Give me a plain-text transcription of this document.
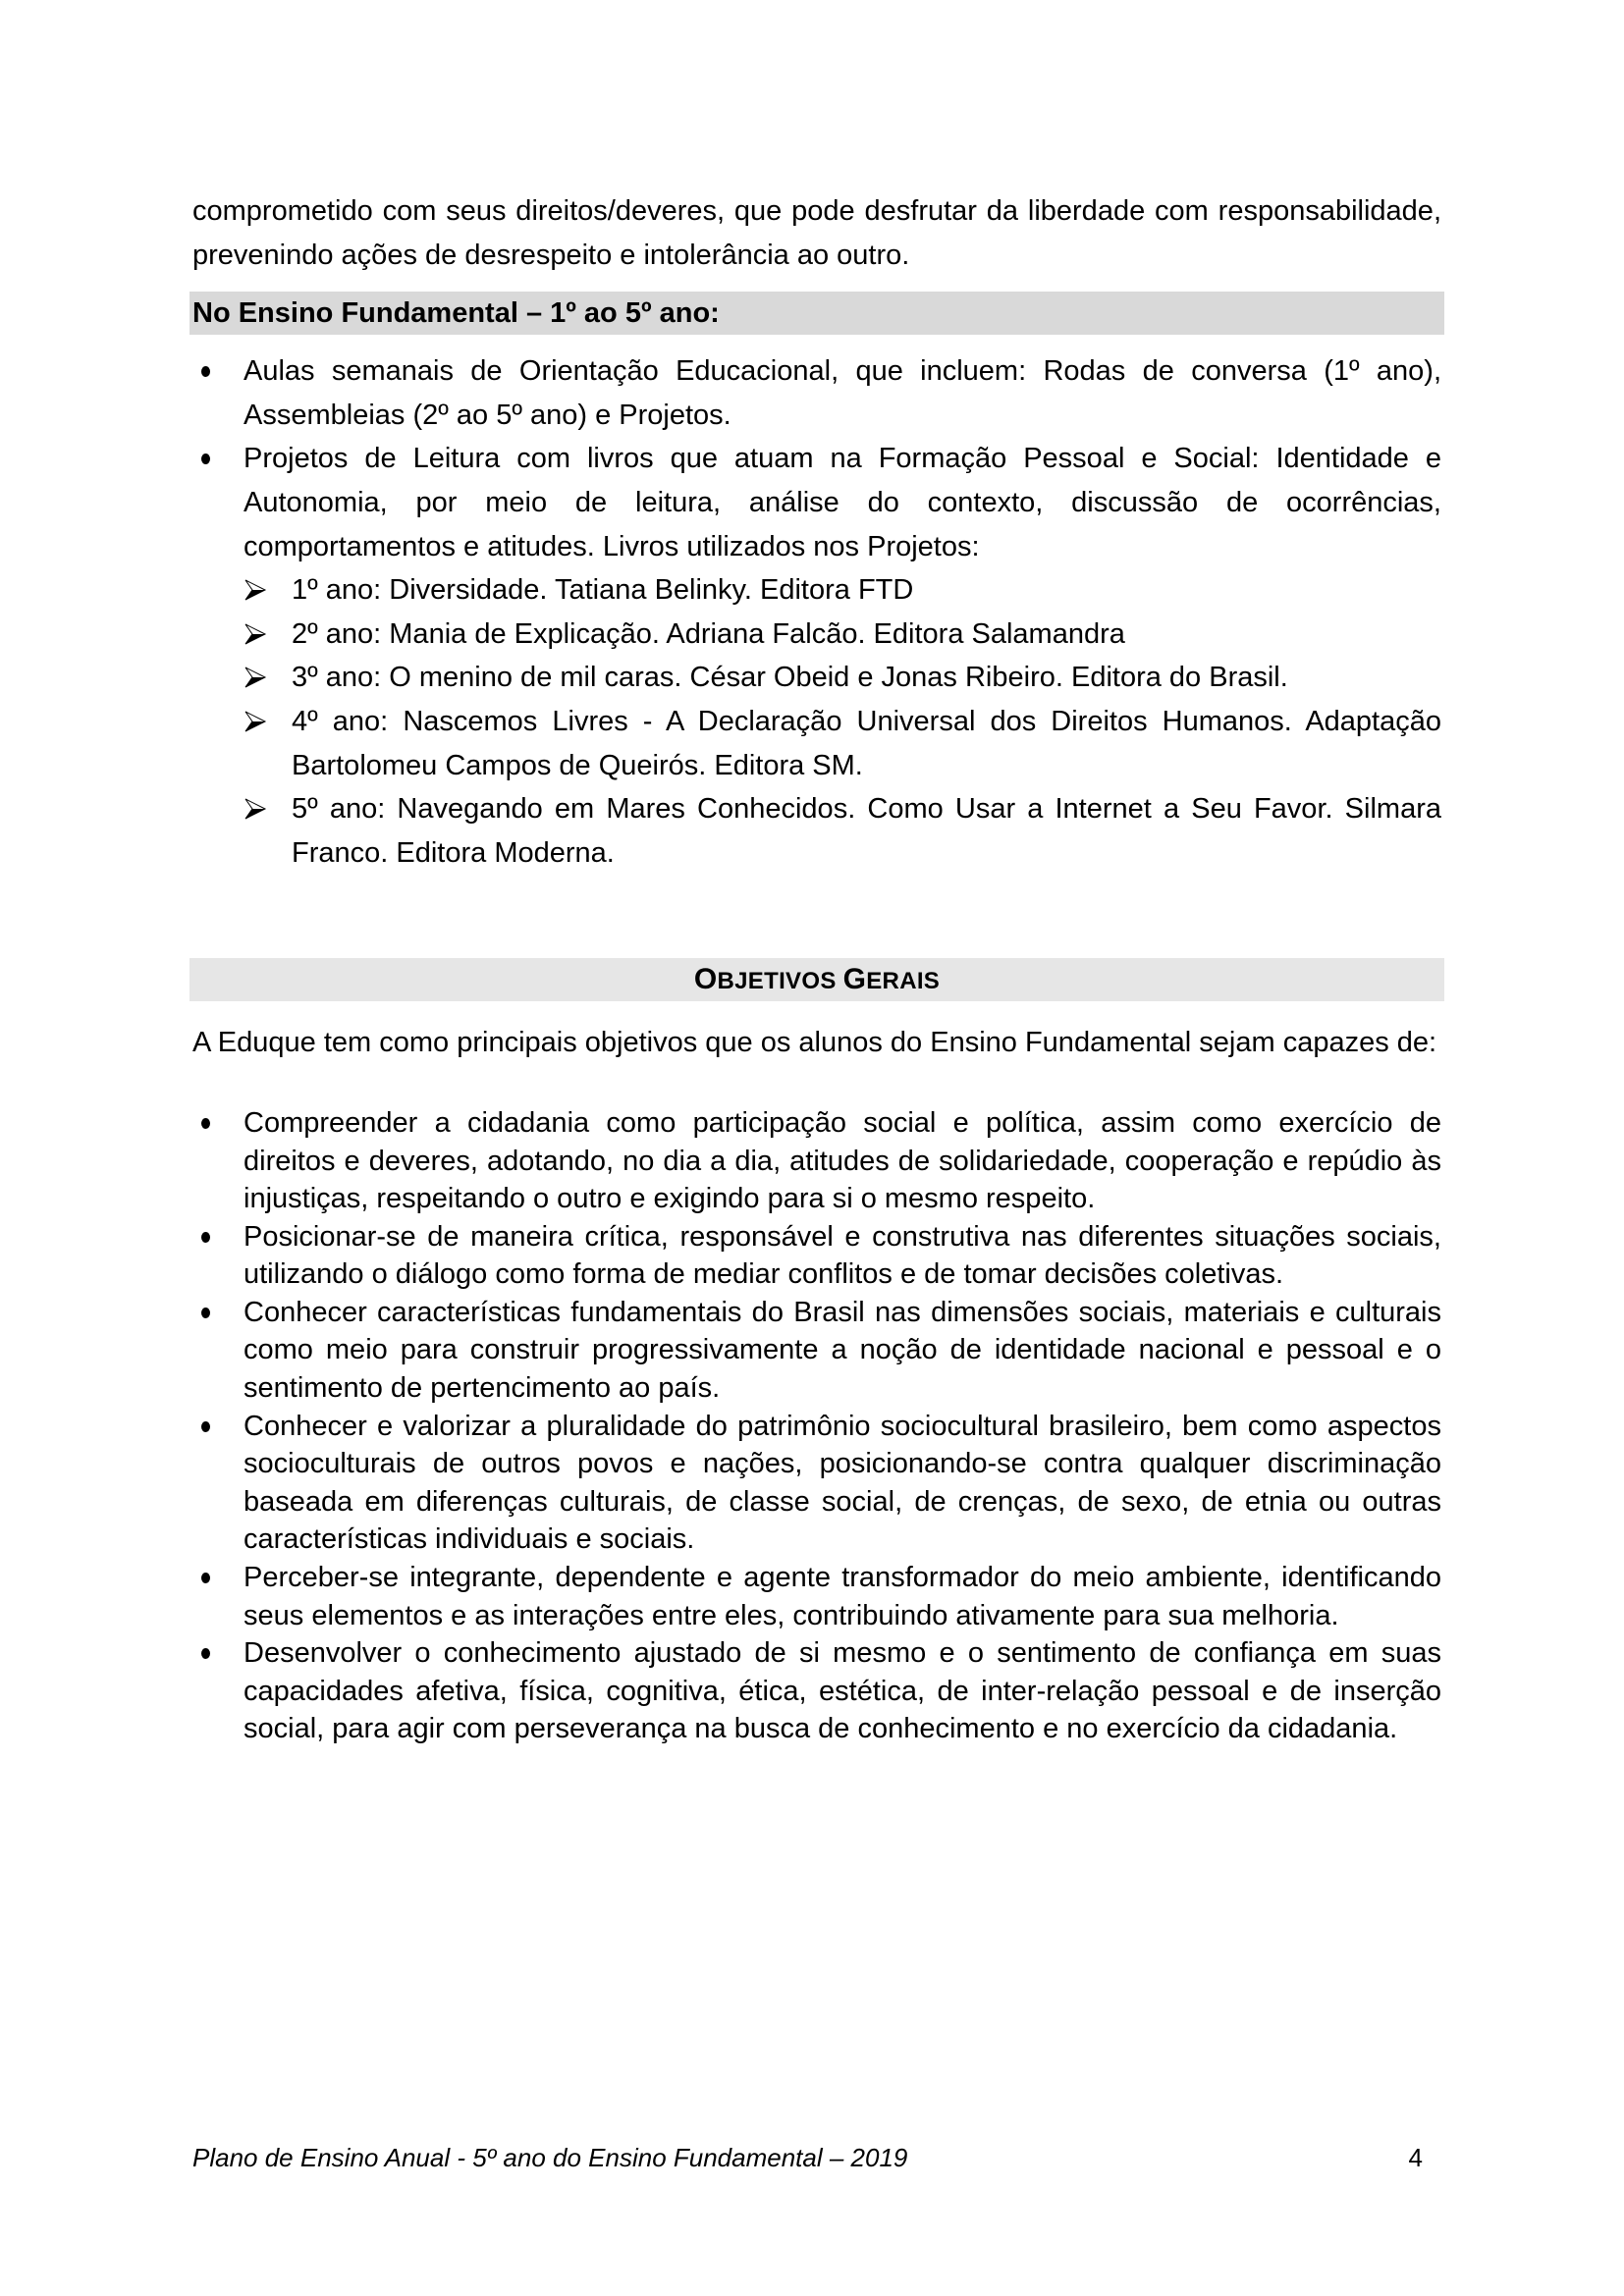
comprometido com seus direitos/deveres, que pode desfrutar da liberdade com responsabilidade, prevenindo ações de desrespeito e intolerância ao outro.

No Ensino Fundamental – 1º ao 5º ano:
Aulas semanais de Orientação Educacional, que incluem: Rodas de conversa (1º ano), Assembleias (2º ao 5º ano) e Projetos.
Projetos de Leitura com livros que atuam na Formação Pessoal e Social: Identidade e Autonomia, por meio de leitura, análise do contexto, discussão de ocorrências, comportamentos e atitudes. Livros utilizados nos Projetos:
1º ano: Diversidade. Tatiana Belinky. Editora FTD
2º ano: Mania de Explicação. Adriana Falcão. Editora Salamandra
3º ano: O menino de mil caras. César Obeid e Jonas Ribeiro. Editora do Brasil.
4º ano: Nascemos Livres - A Declaração Universal dos Direitos Humanos. Adaptação Bartolomeu Campos de Queirós. Editora SM.
5º ano: Navegando em Mares Conhecidos. Como Usar a Internet a Seu Favor. Silmara Franco. Editora Moderna.
OBJETIVOS GERAIS

A Eduque tem como principais objetivos que os alunos do Ensino Fundamental sejam capazes de:

Compreender a cidadania como participação social e política, assim como exercício de direitos e deveres, adotando, no dia a dia, atitudes de solidariedade, cooperação e repúdio às injustiças, respeitando o outro e exigindo para si o mesmo respeito.
Posicionar-se de maneira crítica, responsável e construtiva nas diferentes situações sociais, utilizando o diálogo como forma de mediar conflitos e de tomar decisões coletivas.
Conhecer características fundamentais do Brasil nas dimensões sociais, materiais e culturais como meio para construir progressivamente a noção de identidade nacional e pessoal e o sentimento de pertencimento ao país.
Conhecer e valorizar a pluralidade do patrimônio sociocultural brasileiro, bem como aspectos socioculturais de outros povos e nações, posicionando-se contra qualquer discriminação baseada em diferenças culturais, de classe social, de crenças, de sexo, de etnia ou outras características individuais e sociais.
Perceber-se integrante, dependente e agente transformador do meio ambiente, identificando seus elementos e as interações entre eles, contribuindo ativamente para sua melhoria.
Desenvolver o conhecimento ajustado de si mesmo e o sentimento de confiança em suas capacidades afetiva, física, cognitiva, ética, estética, de inter-relação pessoal e de inserção social, para agir com perseverança na busca de conhecimento e no exercício da cidadania.
Plano de Ensino Anual - 5º ano do Ensino Fundamental – 2019	4
